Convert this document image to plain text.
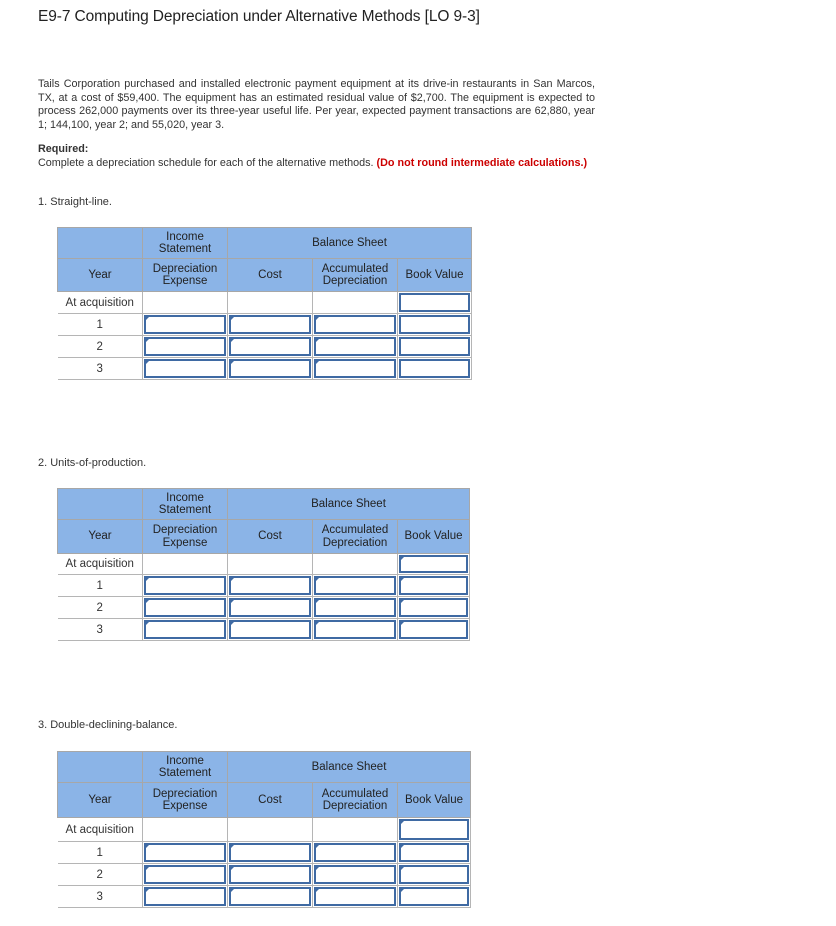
E9-7 Computing Depreciation under Alternative Methods [LO 9-3]

Tails Corporation purchased and installed electronic payment equipment at its drive-in restaurants in San Marcos, TX, at a cost of $59,400. The equipment has an estimated residual value of $2,700. The equipment is expected to process 262,000 payments over its three-year useful life. Per year, expected payment transactions are 62,880, year 1; 144,100, year 2; and 55,020, year 3.

Required:
Complete a depreciation schedule for each of the alternative methods. (Do not round intermediate calculations.)

1. Straight-line.

	Income Statement	Balance Sheet		
Year	Depreciation Expense	Cost	Accumulated Depreciation	Book Value
At acquisition				

1	

2	

3	

2. Units-of-production.

	Income Statement	Balance Sheet		
Year	Depreciation Expense	Cost	Accumulated Depreciation	Book Value
At acquisition				

1	

2	

3	

3. Double-declining-balance.

	Income Statement	Balance Sheet		
Year	Depreciation Expense	Cost	Accumulated Depreciation	Book Value
At acquisition				

1	

2	

3	
